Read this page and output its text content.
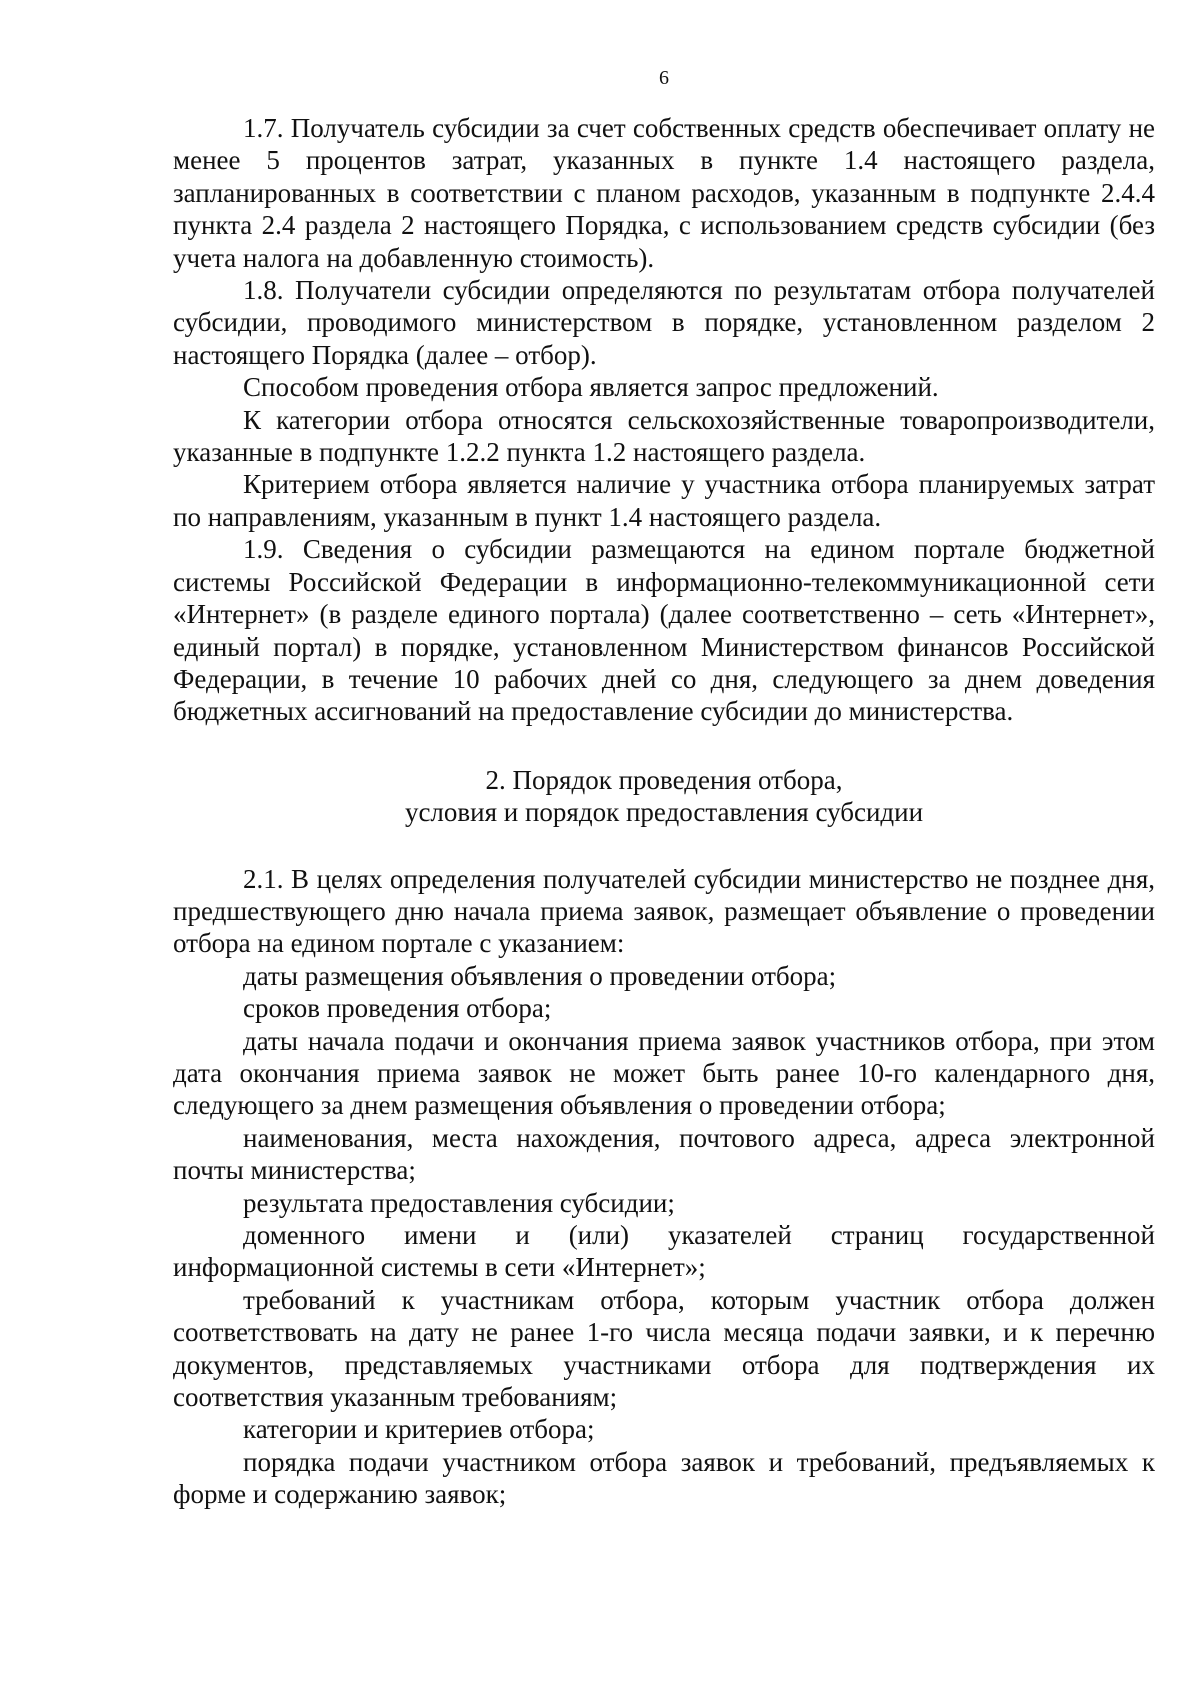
6

1.7. Получатель субсидии за счет собственных средств обеспечивает оплату не менее 5 процентов затрат, указанных в пункте 1.4 настоящего раздела, запланированных в соответствии с планом расходов, указанным в подпункте 2.4.4 пункта 2.4 раздела 2 настоящего Порядка, с использованием средств субсидии (без учета налога на добавленную стоимость).

1.8. Получатели субсидии определяются по результатам отбора получателей субсидии, проводимого министерством в порядке, установленном разделом 2 настоящего Порядка (далее – отбор).

Способом проведения отбора является запрос предложений.

К категории отбора относятся сельскохозяйственные товаропроизводители, указанные в подпункте 1.2.2 пункта 1.2 настоящего раздела.

Критерием отбора является наличие у участника отбора планируемых затрат по направлениям, указанным в пункт 1.4 настоящего раздела.

1.9. Сведения о субсидии размещаются на едином портале бюджетной системы Российской Федерации в информационно-телекоммуникационной сети «Интернет» (в разделе единого портала) (далее соответственно – сеть «Интернет», единый портал) в порядке, установленном Министерством финансов Российской Федерации, в течение 10 рабочих дней со дня, следующего за днем доведения бюджетных ассигнований на предоставление субсидии до министерства.

2. Порядок проведения отбора,

условия и порядок предоставления субсидии

2.1. В целях определения получателей субсидии министерство не позднее дня, предшествующего дню начала приема заявок, размещает объявление о проведении отбора на едином портале с указанием:

даты размещения объявления о проведении отбора;

сроков проведения отбора;

даты начала подачи и окончания приема заявок участников отбора, при этом дата окончания приема заявок не может быть ранее 10-го календарного дня, следующего за днем размещения объявления о проведении отбора;

наименования, места нахождения, почтового адреса, адреса электронной почты министерства;

результата предоставления субсидии;

доменного имени и (или) указателей страниц государственной информационной системы в сети «Интернет»;

требований к участникам отбора, которым участник отбора должен соответствовать на дату не ранее 1-го числа месяца подачи заявки, и к перечню документов, представляемых участниками отбора для подтверждения их соответствия указанным требованиям;

категории и критериев отбора;

порядка подачи участником отбора заявок и требований, предъявляемых к форме и содержанию заявок;
